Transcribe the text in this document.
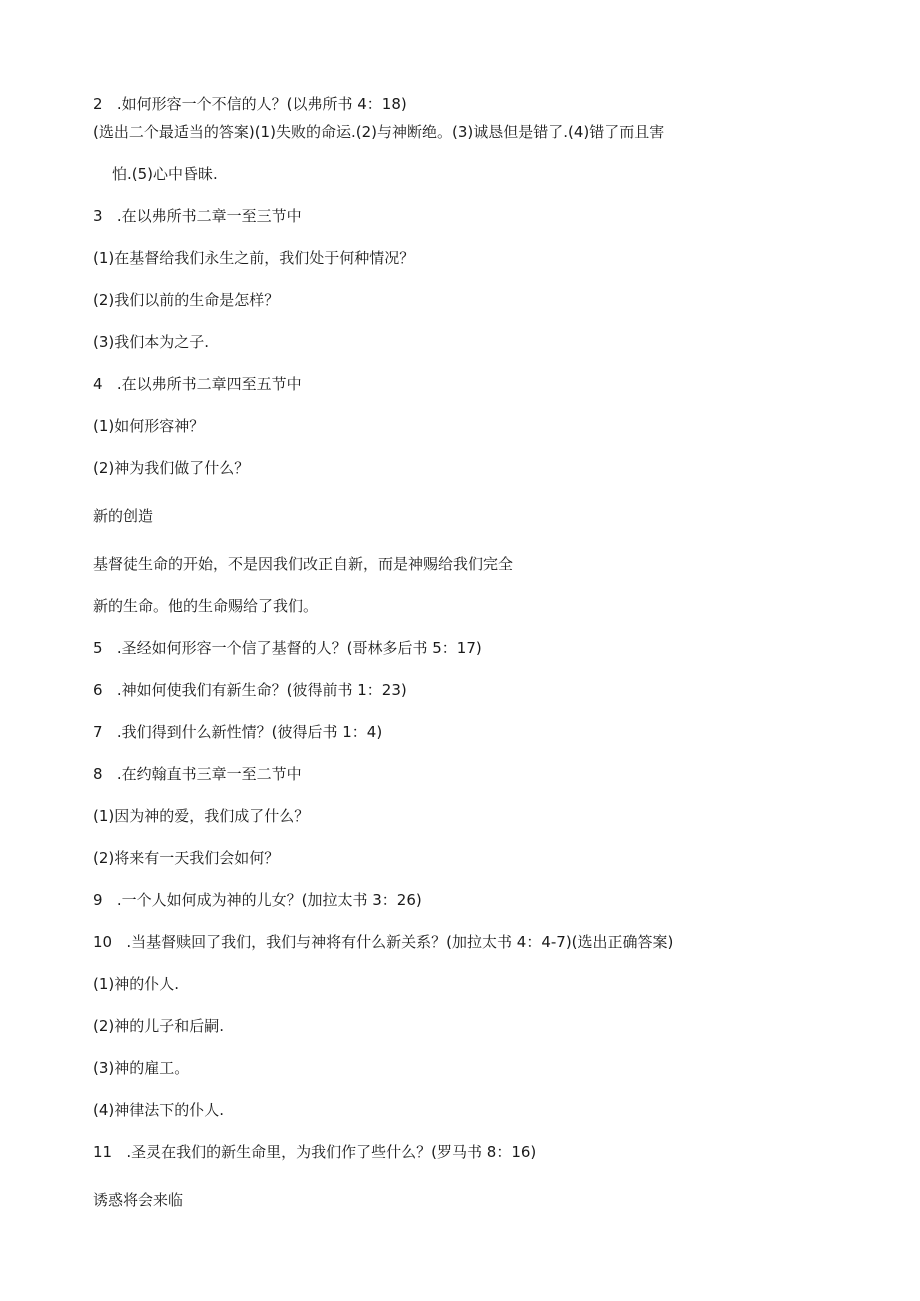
2   .如何形容一个不信的人？(以弗所书 4：18)
(选出二个最适当的答案)(1)失败的命运.(2)与神断绝。(3)诚恳但是错了.(4)错了而且害
怕.(5)心中昏昧.
3   .在以弗所书二章一至三节中
(1)在基督给我们永生之前，我们处于何种情况？
(2)我们以前的生命是怎样？
(3)我们本为之子.
4   .在以弗所书二章四至五节中
(1)如何形容神？
(2)神为我们做了什么？
新的创造
基督徒生命的开始，不是因我们改正自新，而是神赐给我们完全
新的生命。他的生命赐给了我们。
5   .圣经如何形容一个信了基督的人？(哥林多后书 5：17)
6   .神如何使我们有新生命？(彼得前书 1：23)
7   .我们得到什么新性情？(彼得后书 1：4)
8   .在约翰直书三章一至二节中
(1)因为神的爱，我们成了什么？
(2)将来有一天我们会如何？
9   .一个人如何成为神的儿女？(加拉太书 3：26)
10   .当基督赎回了我们，我们与神将有什么新关系？(加拉太书 4：4-7)(选出正确答案)
(1)神的仆人.
(2)神的儿子和后嗣.
(3)神的雇工。
(4)神律法下的仆人.
11   .圣灵在我们的新生命里，为我们作了些什么？(罗马书 8：16)
诱惑将会来临
